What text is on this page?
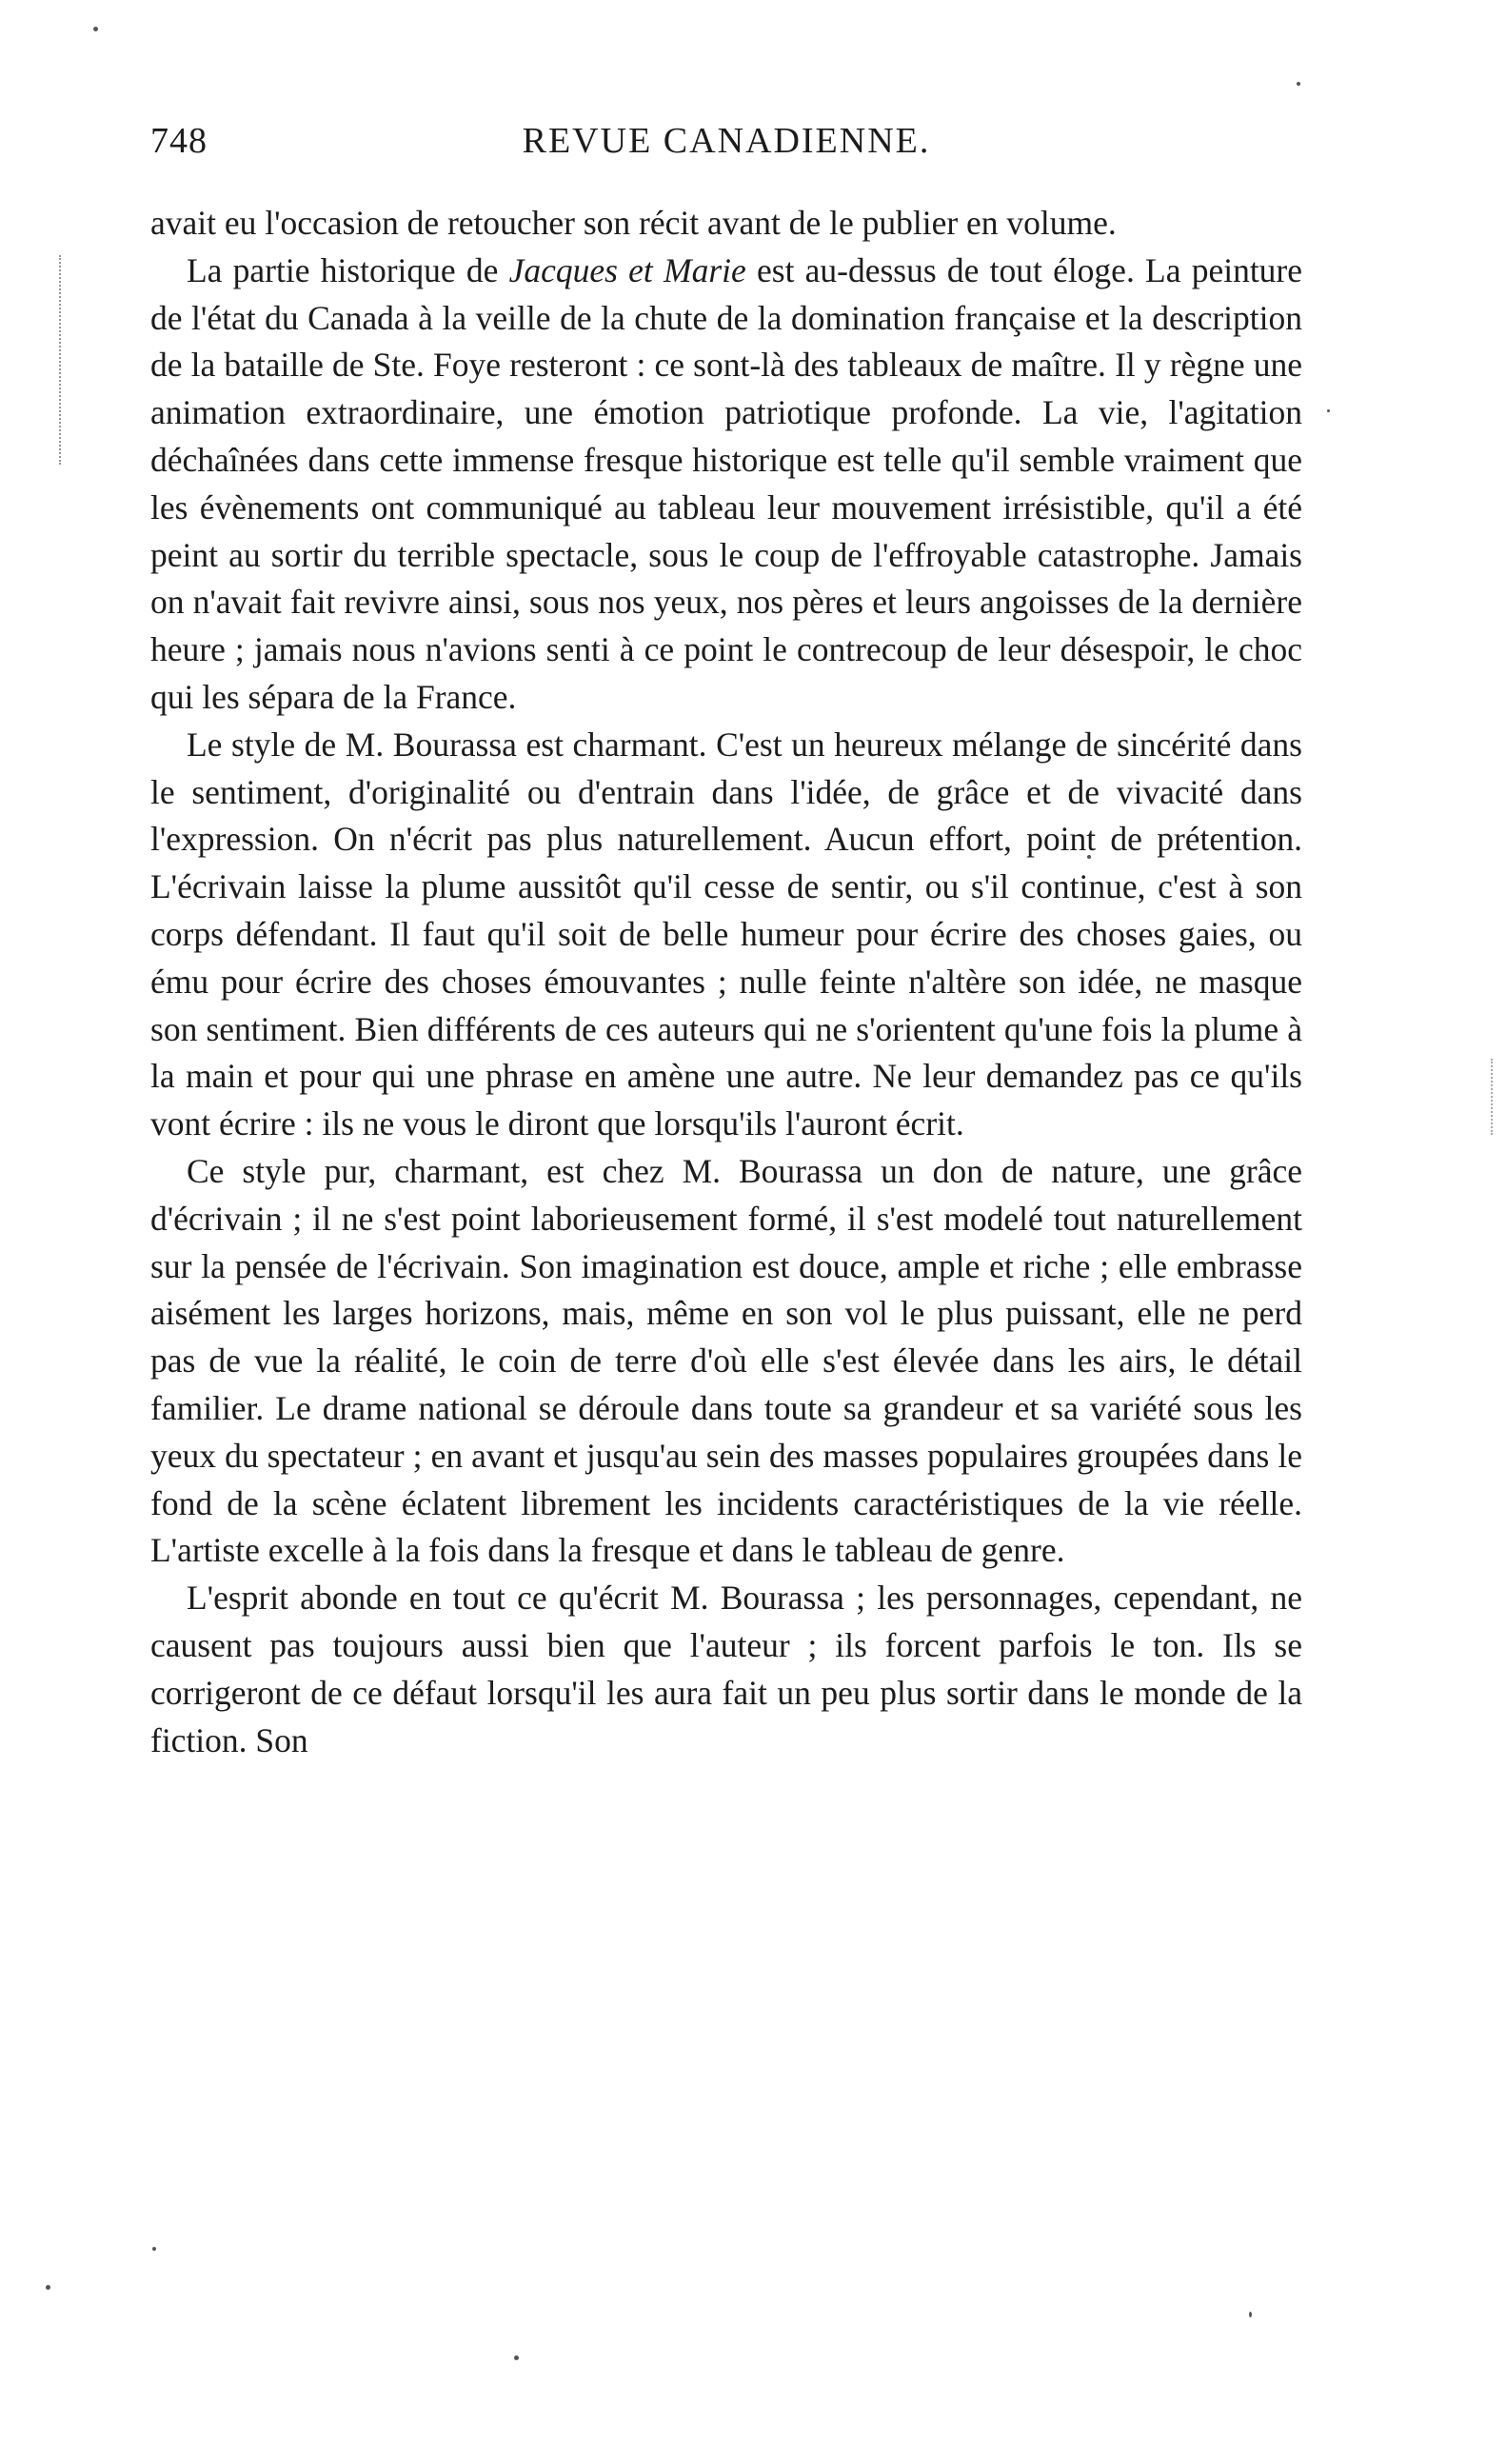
748	REVUE CANADIENNE.

avait eu l'occasion de retoucher son récit avant de le publier en volume.

La partie historique de Jacques et Marie est au-dessus de tout éloge. La peinture de l'état du Canada à la veille de la chute de la domination française et la description de la bataille de Ste. Foye resteront : ce sont-là des tableaux de maître. Il y règne une animation extraordinaire, une émotion patriotique profonde. La vie, l'agitation déchaînées dans cette immense fresque historique est telle qu'il semble vraiment que les évènements ont communiqué au tableau leur mouvement irrésistible, qu'il a été peint au sortir du terrible spectacle, sous le coup de l'effroyable catastrophe. Jamais on n'avait fait revivre ainsi, sous nos yeux, nos pères et leurs angoisses de la dernière heure ; jamais nous n'avions senti à ce point le contrecoup de leur désespoir, le choc qui les sépara de la France.

Le style de M. Bourassa est charmant. C'est un heureux mélange de sincérité dans le sentiment, d'originalité ou d'entrain dans l'idée, de grâce et de vivacité dans l'expression. On n'écrit pas plus naturellement. Aucun effort, point de prétention. L'écrivain laisse la plume aussitôt qu'il cesse de sentir, ou s'il continue, c'est à son corps défendant. Il faut qu'il soit de belle humeur pour écrire des choses gaies, ou ému pour écrire des choses émouvantes ; nulle feinte n'altère son idée, ne masque son sentiment. Bien différents de ces auteurs qui ne s'orientent qu'une fois la plume à la main et pour qui une phrase en amène une autre. Ne leur demandez pas ce qu'ils vont écrire : ils ne vous le diront que lorsqu'ils l'auront écrit.

Ce style pur, charmant, est chez M. Bourassa un don de nature, une grâce d'écrivain ; il ne s'est point laborieusement formé, il s'est modelé tout naturellement sur la pensée de l'écrivain. Son imagination est douce, ample et riche ; elle embrasse aisément les larges horizons, mais, même en son vol le plus puissant, elle ne perd pas de vue la réalité, le coin de terre d'où elle s'est élevée dans les airs, le détail familier. Le drame national se déroule dans toute sa grandeur et sa variété sous les yeux du spectateur ; en avant et jusqu'au sein des masses populaires groupées dans le fond de la scène éclatent librement les incidents caractéristiques de la vie réelle. L'artiste excelle à la fois dans la fresque et dans le tableau de genre.

L'esprit abonde en tout ce qu'écrit M. Bourassa ; les personnages, cependant, ne causent pas toujours aussi bien que l'auteur ; ils forcent parfois le ton. Ils se corrigeront de ce défaut lorsqu'il les aura fait un peu plus sortir dans le monde de la fiction. Son
